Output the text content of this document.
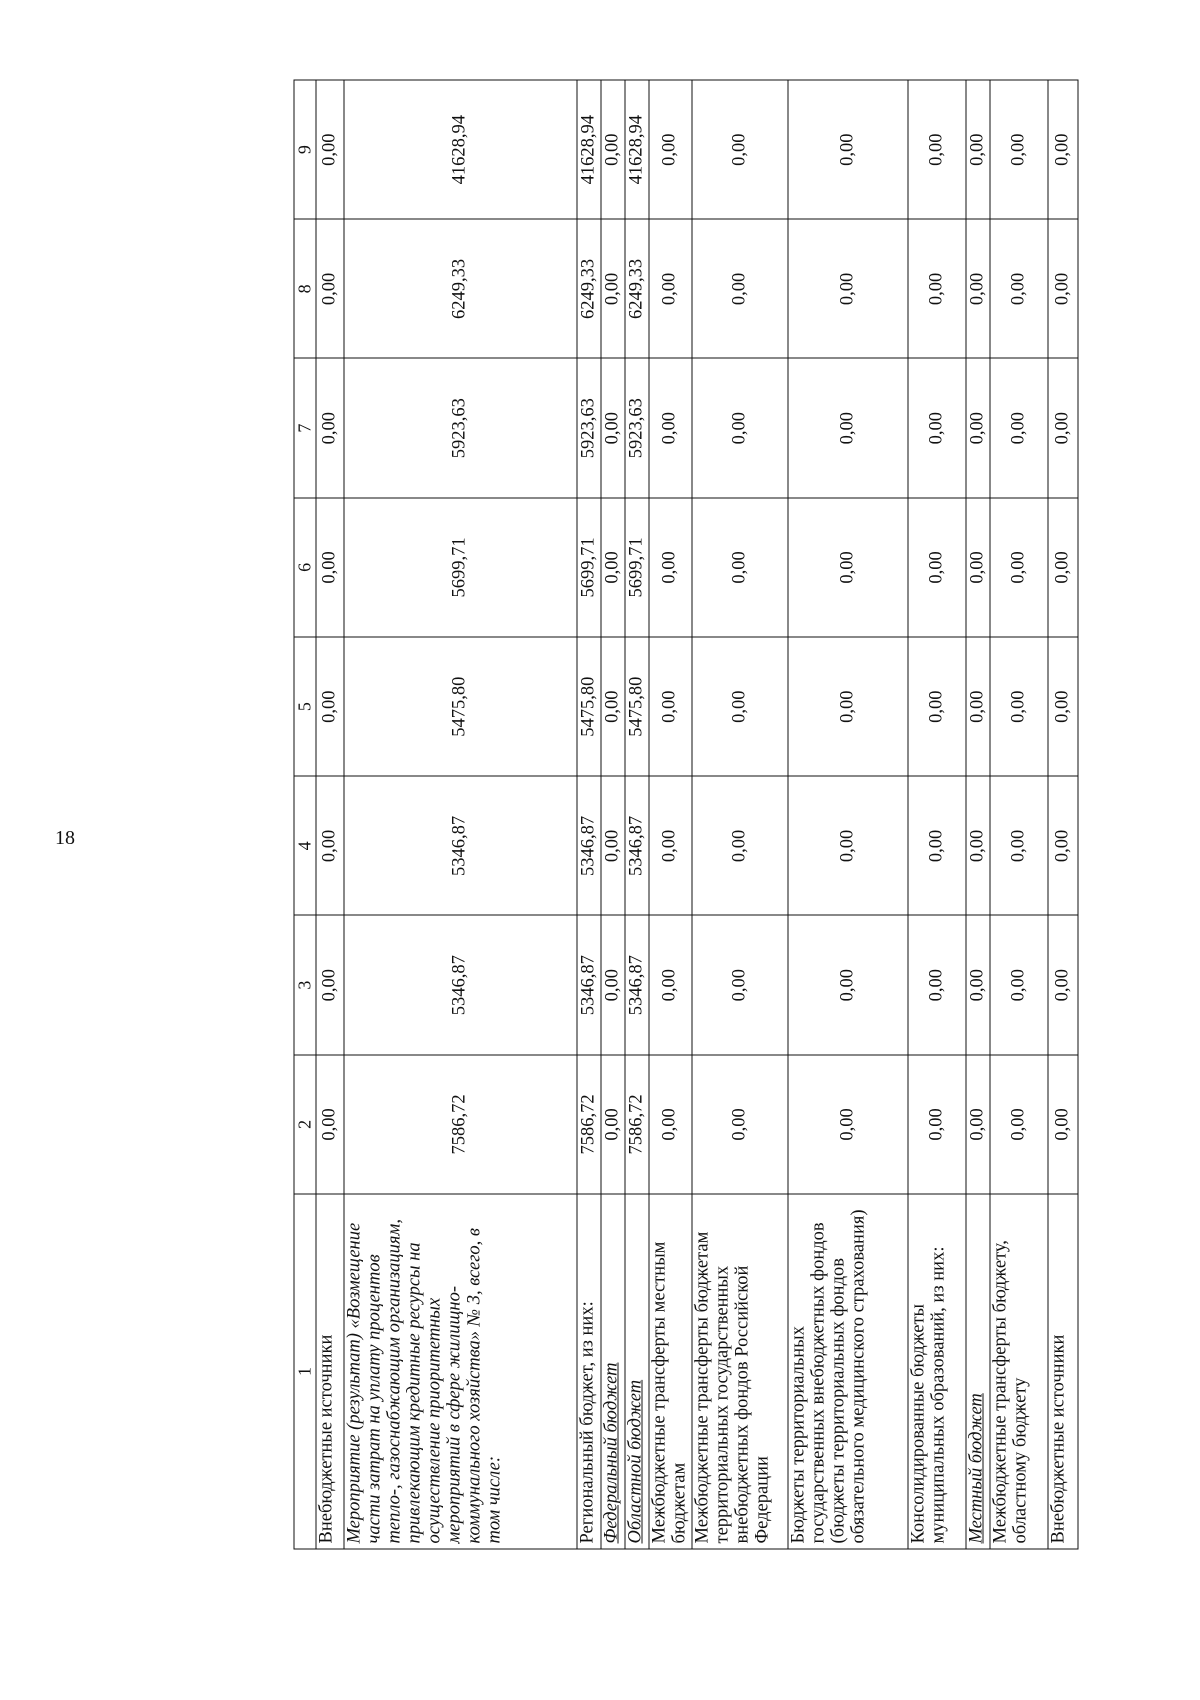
18
1	2	3	4	5	6	7	8	9
Внебюджетные источники	0,00	0,00	0,00	0,00	0,00	0,00	0,00	0,00
Мероприятие (результат) «Возмещение части затрат на уплату процентов тепло-, газоснабжающим организациям, привлекающим кредитные ресурсы на осуществление приоритетных мероприятий в сфере жилищно-коммунального хозяйства» № 3, всего, в том числе:	7586,72	5346,87	5346,87	5475,80	5699,71	5923,63	6249,33	41628,94
Региональный бюджет, из них:	7586,72	5346,87	5346,87	5475,80	5699,71	5923,63	6249,33	41628,94
Федеральный бюджет	0,00	0,00	0,00	0,00	0,00	0,00	0,00	0,00
Областной бюджет	7586,72	5346,87	5346,87	5475,80	5699,71	5923,63	6249,33	41628,94
Межбюджетные трансферты местным бюджетам	0,00	0,00	0,00	0,00	0,00	0,00	0,00	0,00
Межбюджетные трансферты бюджетам территориальных государственных внебюджетных фондов Российской Федерации	0,00	0,00	0,00	0,00	0,00	0,00	0,00	0,00
Бюджеты территориальных государственных внебюджетных фондов (бюджеты территориальных фондов обязательного медицинского страхования)	0,00	0,00	0,00	0,00	0,00	0,00	0,00	0,00
Консолидированные бюджеты муниципальных образований, из них:	0,00	0,00	0,00	0,00	0,00	0,00	0,00	0,00
Местный бюджет	0,00	0,00	0,00	0,00	0,00	0,00	0,00	0,00
Межбюджетные трансферты бюджету, областному бюджету	0,00	0,00	0,00	0,00	0,00	0,00	0,00	0,00
Внебюджетные источники	0,00	0,00	0,00	0,00	0,00	0,00	0,00	0,00
